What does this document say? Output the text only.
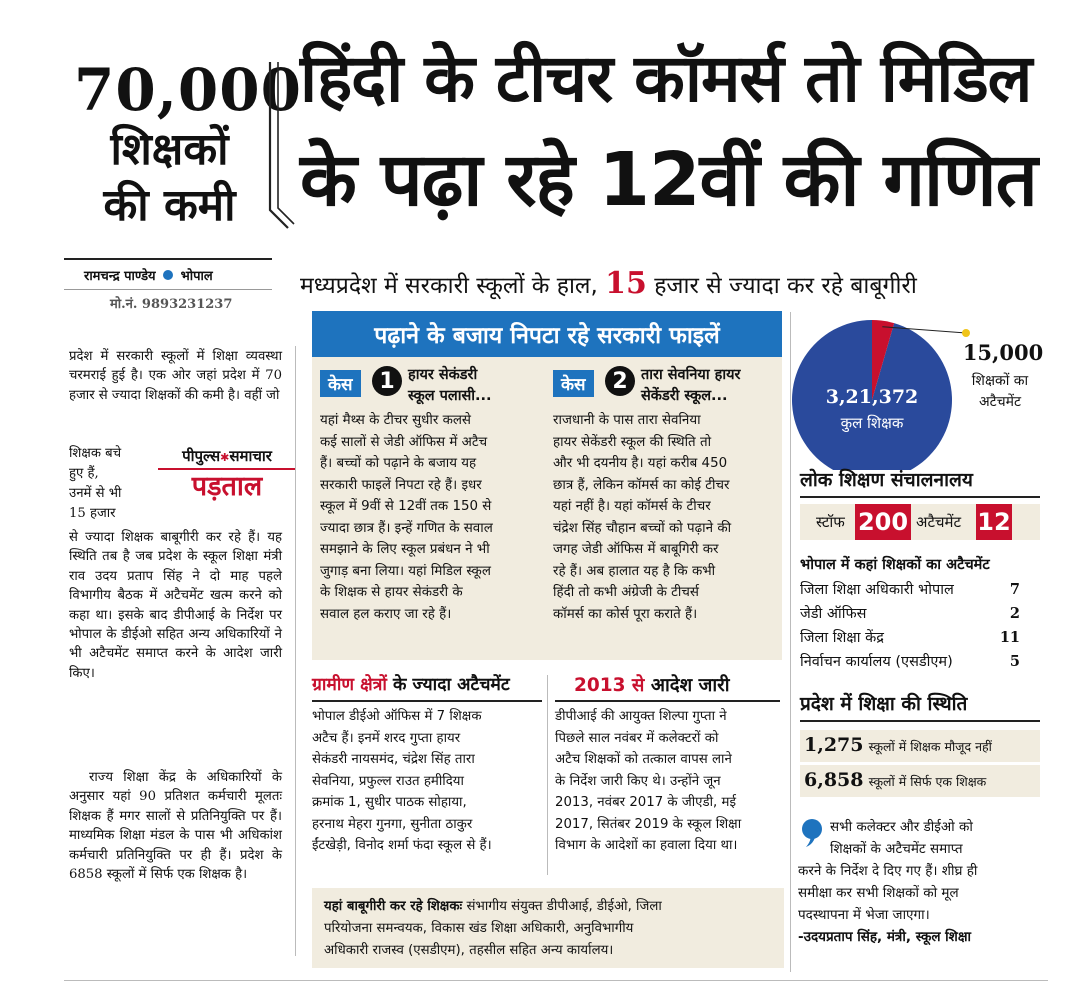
70,000
शिक्षकों
की कमी
हिंदी के टीचर कॉमर्स तो मिडिल
के पढ़ा रहे 12वीं की गणित
रामचन्द्र पाण्डेय भोपाल
मो.नं. 9893231237
मध्यप्रदेश में सरकारी स्कूलों के हाल, 15 हजार से ज्यादा कर रहे बाबूगीरी
प्रदेश में सरकारी स्कूलों में शिक्षा व्यवस्था चरमराई हुई है। एक ओर जहां प्रदेश में 70 हजार से ज्यादा शिक्षकों की कमी है। वहीं जो
शिक्षक बचे
हुए हैं,
उनमें से भी
15 हजार
पीपुल्स✱समाचार
पड़ताल
से ज्यादा शिक्षक बाबूगीरी कर रहे हैं। यह स्थिति तब है जब प्रदेश के स्कूल शिक्षा मंत्री राव उदय प्रताप सिंह ने दो माह पहले विभागीय बैठक में अटैचमेंट खत्म करने को कहा था। इसके बाद डीपीआई के निर्देश पर भोपाल के डीईओ सहित अन्य अधिकारियों ने भी अटैचमेंट समाप्त करने के आदेश जारी किए।
राज्य शिक्षा केंद्र के अधिकारियों के अनुसार यहां 90 प्रतिशत कर्मचारी मूलतः शिक्षक हैं मगर सालों से प्रतिनियुक्ति पर हैं। माध्यमिक शिक्षा मंडल के पास भी अधिकांश कर्मचारी प्रतिनियुक्ति पर ही हैं। प्रदेश के 6858 स्कूलों में सिर्फ एक शिक्षक है।
पढ़ाने के बजाय निपटा रहे सरकारी फाइलें
केस	1 हायर सेकंडरी
स्कूल पलासी...
यहां मैथ्स के टीचर सुधीर कलसे
कई सालों से जेडी ऑफिस में अटैच
हैं। बच्चों को पढ़ाने के बजाय यह
सरकारी फाइलें निपटा रहे हैं। इधर
स्कूल में 9वीं से 12वीं तक 150 से
ज्यादा छात्र हैं। इन्हें गणित के सवाल
समझाने के लिए स्कूल प्रबंधन ने भी
जुगाड़ बना लिया। यहां मिडिल स्कूल
के शिक्षक से हायर सेकंडरी के
सवाल हल कराए जा रहे हैं।
केस	2 तारा सेवनिया हायर
सेकेंडरी स्कूल...
राजधानी के पास तारा सेवनिया
हायर सेकेंडरी स्कूल की स्थिति तो
और भी दयनीय है। यहां करीब 450
छात्र हैं, लेकिन कॉमर्स का कोई टीचर
यहां नहीं है। यहां कॉमर्स के टीचर
चंद्रेश सिंह चौहान बच्चों को पढ़ाने की
जगह जेडी ऑफिस में बाबूगिरी कर
रहे हैं। अब हालात यह है कि कभी
हिंदी तो कभी अंग्रेजी के टीचर्स
कॉमर्स का कोर्स पूरा कराते हैं।
ग्रामीण क्षेत्रों के ज्यादा अटैचमेंट
भोपाल डीईओ ऑफिस में 7 शिक्षक
अटैच हैं। इनमें शरद गुप्ता हायर
सेकंडरी नायसमंद, चंद्रेश सिंह तारा
सेवनिया, प्रफुल्ल राउत हमीदिया
क्रमांक 1, सुधीर पाठक सोहाया,
हरनाथ मेहरा गुनगा, सुनीता ठाकुर
ईंटखेड़ी, विनोद शर्मा फंदा स्कूल से हैं।
2013 से आदेश जारी
डीपीआई की आयुक्त शिल्पा गुप्ता ने
पिछले साल नवंबर में कलेक्टरों को
अटैच शिक्षकों को तत्काल वापस लाने
के निर्देश जारी किए थे। उन्होंने जून
2013, नवंबर 2017 के जीएडी, मई
2017, सितंबर 2019 के स्कूल शिक्षा
विभाग के आदेशों का हवाला दिया था।
यहां बाबूगीरी कर रहे शिक्षकः संभागीय संयुक्त डीपीआई, डीईओ, जिला
परियोजना समन्वयक, विकास खंड शिक्षा अधिकारी, अनुविभागीय
अधिकारी राजस्व (एसडीएम), तहसील सहित अन्य कार्यालय।
3,21,372
कुल शिक्षक
15,000
शिक्षकों का
अटैचमेंट
लोक शिक्षण संचालनालय
स्टॉफ 200 अटैचमेंट 12
भोपाल में कहां शिक्षकों का अटैचमेंट
जिला शिक्षा अधिकारी भोपाल	7
जेडी ऑफिस	2
जिला शिक्षा केंद्र	11
निर्वाचन कार्यालय (एसडीएम)	5
प्रदेश में शिक्षा की स्थिति
1,275 स्कूलों में शिक्षक मौजूद नहीं
6,858 स्कूलों में सिर्फ एक शिक्षक
सभी कलेक्टर और डीईओ को
शिक्षकों के अटैचमेंट समाप्त
करने के निर्देश दे दिए गए हैं। शीघ्र ही
समीक्षा कर सभी शिक्षकों को मूल
पदस्थापना में भेजा जाएगा।
-उदयप्रताप सिंह, मंत्री, स्कूल शिक्षा
